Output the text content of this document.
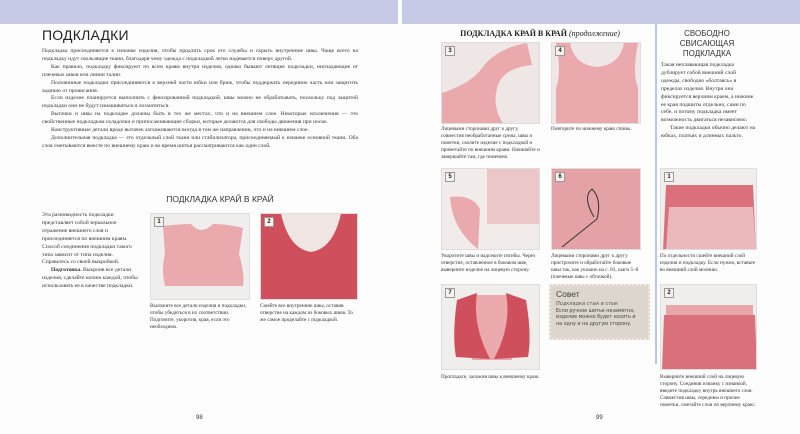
ПОДКЛАДКИ

Подкладка присоединяется к изнанке изделия, чтобы продлить срок его службы и скрыть внутренние швы. Чаще всего на подкладку идут скользящие ткани, благодаря чему одежда с подкладкой легко надевается поверх другой.

Как правило, подкладку фиксируют по всем краям внутри изделия, однако бывают летящие подкладки, ниспадающие от плечевых швов или линии талии.

Половинные подкладки присоединяются к верхней части юбки или брюк, чтобы поддержать переднюю часть или защитить заднюю от провисания.

Если изделие планируется выполнить с фиксированной подкладкой, швы можно не обрабатывать, поскольку под защитой подкладки они не будут изнашиваться и лохматиться.

Вытачки и швы на подкладке должны быть в тех же местах, что и на внешнем слое. Некоторые исключения — это свойственные подкладкам складочки и припосаживающие сборки, которые делаются для свободы движения при носке.

Конструктивные детали вроде вытачек заглаживаются всегда в том же направлении, что и на внешнем слое.

Дополнительная подкладка — это отдельный слой ткани или стабилизатора, присоединяемый к изнанке основной ткани. Оба слоя сметываются вместе по внешнему краю и во время шитья рассматриваются как один слой.

ПОДКЛАДКА КРАЙ В КРАЙ

Эта разновидность подкладки представляет собой зеркальное отражение внешнего слоя и присоединяется по внешним краям. Способ соединения подкладки такого типа зависит от типа изделия. Справьтесь со своей выкройкой.

Подготовка. Выкроив все детали изделия, сделайте копию каждой, чтобы использовать ее в качестве подкладки.

1
Выложите все детали изделия и подкладки, чтобы убедиться в их соответствии. Подгоните, укоротив, края, если это необходимо.
2
Сшейте все внутренние швы, оставив отверстие на каждом из боковых швов. То же самое проделайте с подкладкой.
98
ПОДКЛАДКА КРАЙ В КРАЙ (продолжение)
3
Лицевыми сторонами друг к другу, совместив необработанные срезы, швы и пометки, сколите изделие с подкладкой и приметайте по внешним краям. Начинайте и завершайте там, где помечено.
4
Повторите по нижнему краю спины.
5
Укоротите швы и надсеките изгибы. Через отверстие, оставленное в боковом шве, выверните изделие на лицевую сторону.
6
Лицевыми сторонами друг к другу пристрочите и обработайте боковые швы так, как указано на с. 83, шаги 5–8 (плечевые швы с обтачкой).
7
Прогладьте, заложив швы к внешнему краю.
Совет
Подкладка стык в стык
Если ручное шитье незаметно, изделие можно будет носить и на одну и на другую сторону.
СВОБОДНО СВИСАЮЩАЯ ПОДКЛАДКА

Такая неплавающая подкладка дублирует собой внешний слой одежды, свободно «болтаясь» в пределах изделия. Внутри она фиксируется верхним краем, а нижние ее края подшиты отдельно, сами по себе, и потому подкладка имеет возможность двигаться независимо.

Такие подкладки обычно делают на юбках, платьях и длинных пальто.

1
По отдельности сшейте внешний слой изделия и подкладку. Если нужно, вставьте во внешний слой молнию.
2
Выверните внешний слой на лицевую сторону. Соединив изнанку с изнанкой, введите подкладку внутрь внешнего слоя. Совместив швы, середины и прочие пометки, сметайте слои по верхнему краю.
99
